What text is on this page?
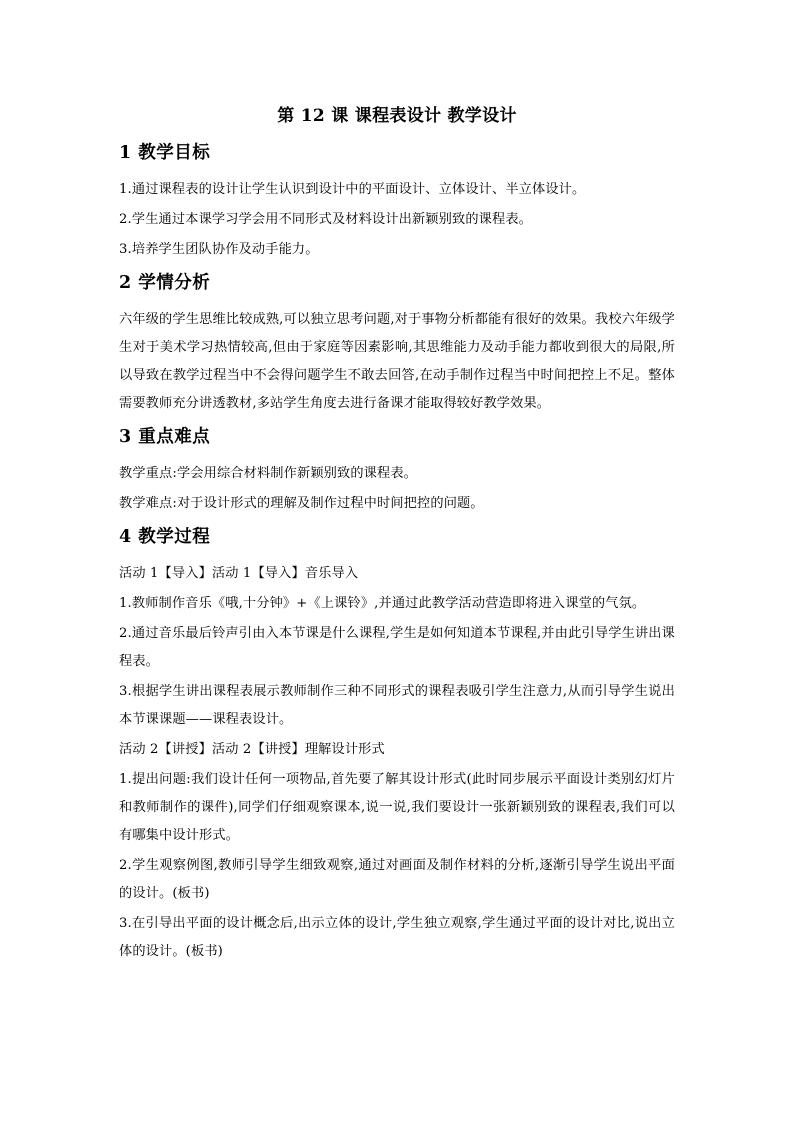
第 12 课 课程表设计 教学设计
1 教学目标

1.通过课程表的设计让学生认识到设计中的平面设计、立体设计、半立体设计。

2.学生通过本课学习学会用不同形式及材料设计出新颖别致的课程表。

3.培养学生团队协作及动手能力。

2 学情分析

六年级的学生思维比较成熟,可以独立思考问题,对于事物分析都能有很好的效果。我校六年级学生对于美术学习热情较高,但由于家庭等因素影响,其思维能力及动手能力都收到很大的局限,所以导致在教学过程当中不会得问题学生不敢去回答,在动手制作过程当中时间把控上不足。整体需要教师充分讲透教材,多站学生角度去进行备课才能取得较好教学效果。

3 重点难点

教学重点:学会用综合材料制作新颖别致的课程表。

教学难点:对于设计形式的理解及制作过程中时间把控的问题。

4 教学过程

活动 1【导入】活动 1【导入】音乐导入

1.教师制作音乐《哦,十分钟》+《上课铃》,并通过此教学活动营造即将进入课堂的气氛。

2.通过音乐最后铃声引由入本节课是什么课程,学生是如何知道本节课程,并由此引导学生讲出课程表。

3.根据学生讲出课程表展示教师制作三种不同形式的课程表吸引学生注意力,从而引导学生说出本节课课题——课程表设计。

活动 2【讲授】活动 2【讲授】理解设计形式

1.提出问题:我们设计任何一项物品,首先要了解其设计形式(此时同步展示平面设计类别幻灯片和教师制作的课件),同学们仔细观察课本,说一说,我们要设计一张新颖别致的课程表,我们可以有哪集中设计形式。

2.学生观察例图,教师引导学生细致观察,通过对画面及制作材料的分析,逐渐引导学生说出平面的设计。(板书)

3.在引导出平面的设计概念后,出示立体的设计,学生独立观察,学生通过平面的设计对比,说出立体的设计。(板书)
